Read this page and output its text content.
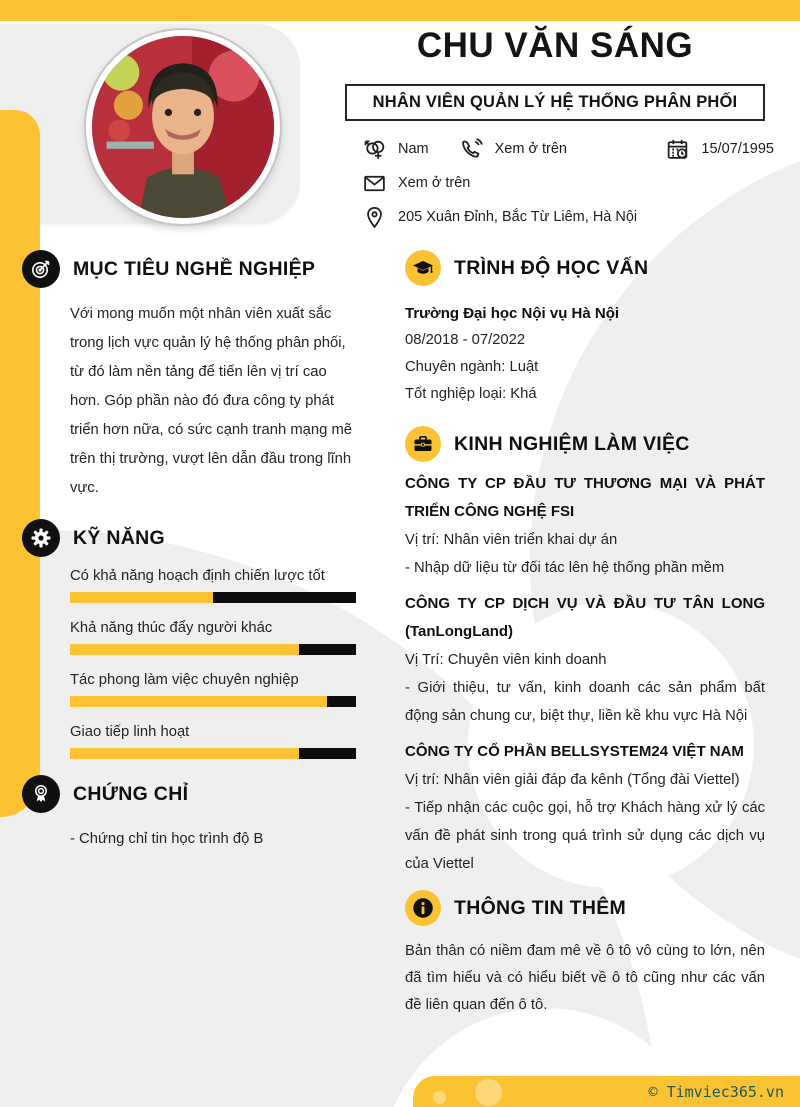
CHU VĂN SÁNG
NHÂN VIÊN QUẢN LÝ HỆ THỐNG PHÂN PHỐI
Nam	Xem ở trên	15/07/1995
Xem ở trên
205 Xuân Đỉnh, Bắc Từ Liêm, Hà Nội
MỤC TIÊU NGHỀ NGHIỆP
Với mong muốn một nhân viên xuất sắc trong lịch vực quản lý hệ thống phân phối, từ đó làm nền tảng để tiến lên vị trí cao hơn. Góp phần nào đó đưa công ty phát triển hơn nữa, có sức cạnh tranh mạng mẽ trên thị trường, vượt lên dẫn đầu trong lĩnh vực.
KỸ NĂNG
Có khả năng hoạch định chiến lược tốt
Khả năng thúc đẩy người khác
Tác phong làm việc chuyên nghiệp
Giao tiếp linh hoạt
CHỨNG CHỈ
- Chứng chỉ tin học trình độ B
TRÌNH ĐỘ HỌC VẤN
Trường Đại học Nội vụ Hà Nội
08/2018 - 07/2022
Chuyên ngành: Luật
Tốt nghiệp loại: Khá
KINH NGHIỆM LÀM VIỆC
CÔNG TY CP ĐẦU TƯ THƯƠNG MẠI VÀ PHÁT TRIỂN CÔNG NGHỆ FSI
Vị trí: Nhân viên triển khai dự án
- Nhập dữ liệu từ đối tác lên hệ thống phần mềm
CÔNG TY CP DỊCH VỤ VÀ ĐẦU TƯ TÂN LONG (TanLongLand)
Vị Trí: Chuyên viên kinh doanh
- Giới thiệu, tư vấn, kinh doanh các sản phẩm bất động sản chung cư, biệt thự, liền kề khu vực Hà Nội
CÔNG TY CỔ PHẦN BELLSYSTEM24 VIỆT NAM
Vị trí: Nhân viên giải đáp đa kênh (Tổng đài Viettel)
- Tiếp nhận các cuộc gọi, hỗ trợ Khách hàng xử lý các vấn đề phát sinh trong quá trình sử dụng các dịch vụ của Viettel
THÔNG TIN THÊM
Bản thân có niềm đam mê về ô tô vô cùng to lớn, nên đã tìm hiểu và có hiểu biết về ô tô cũng như các vấn đề liên quan đến ô tô.
© Timviec365.vn
